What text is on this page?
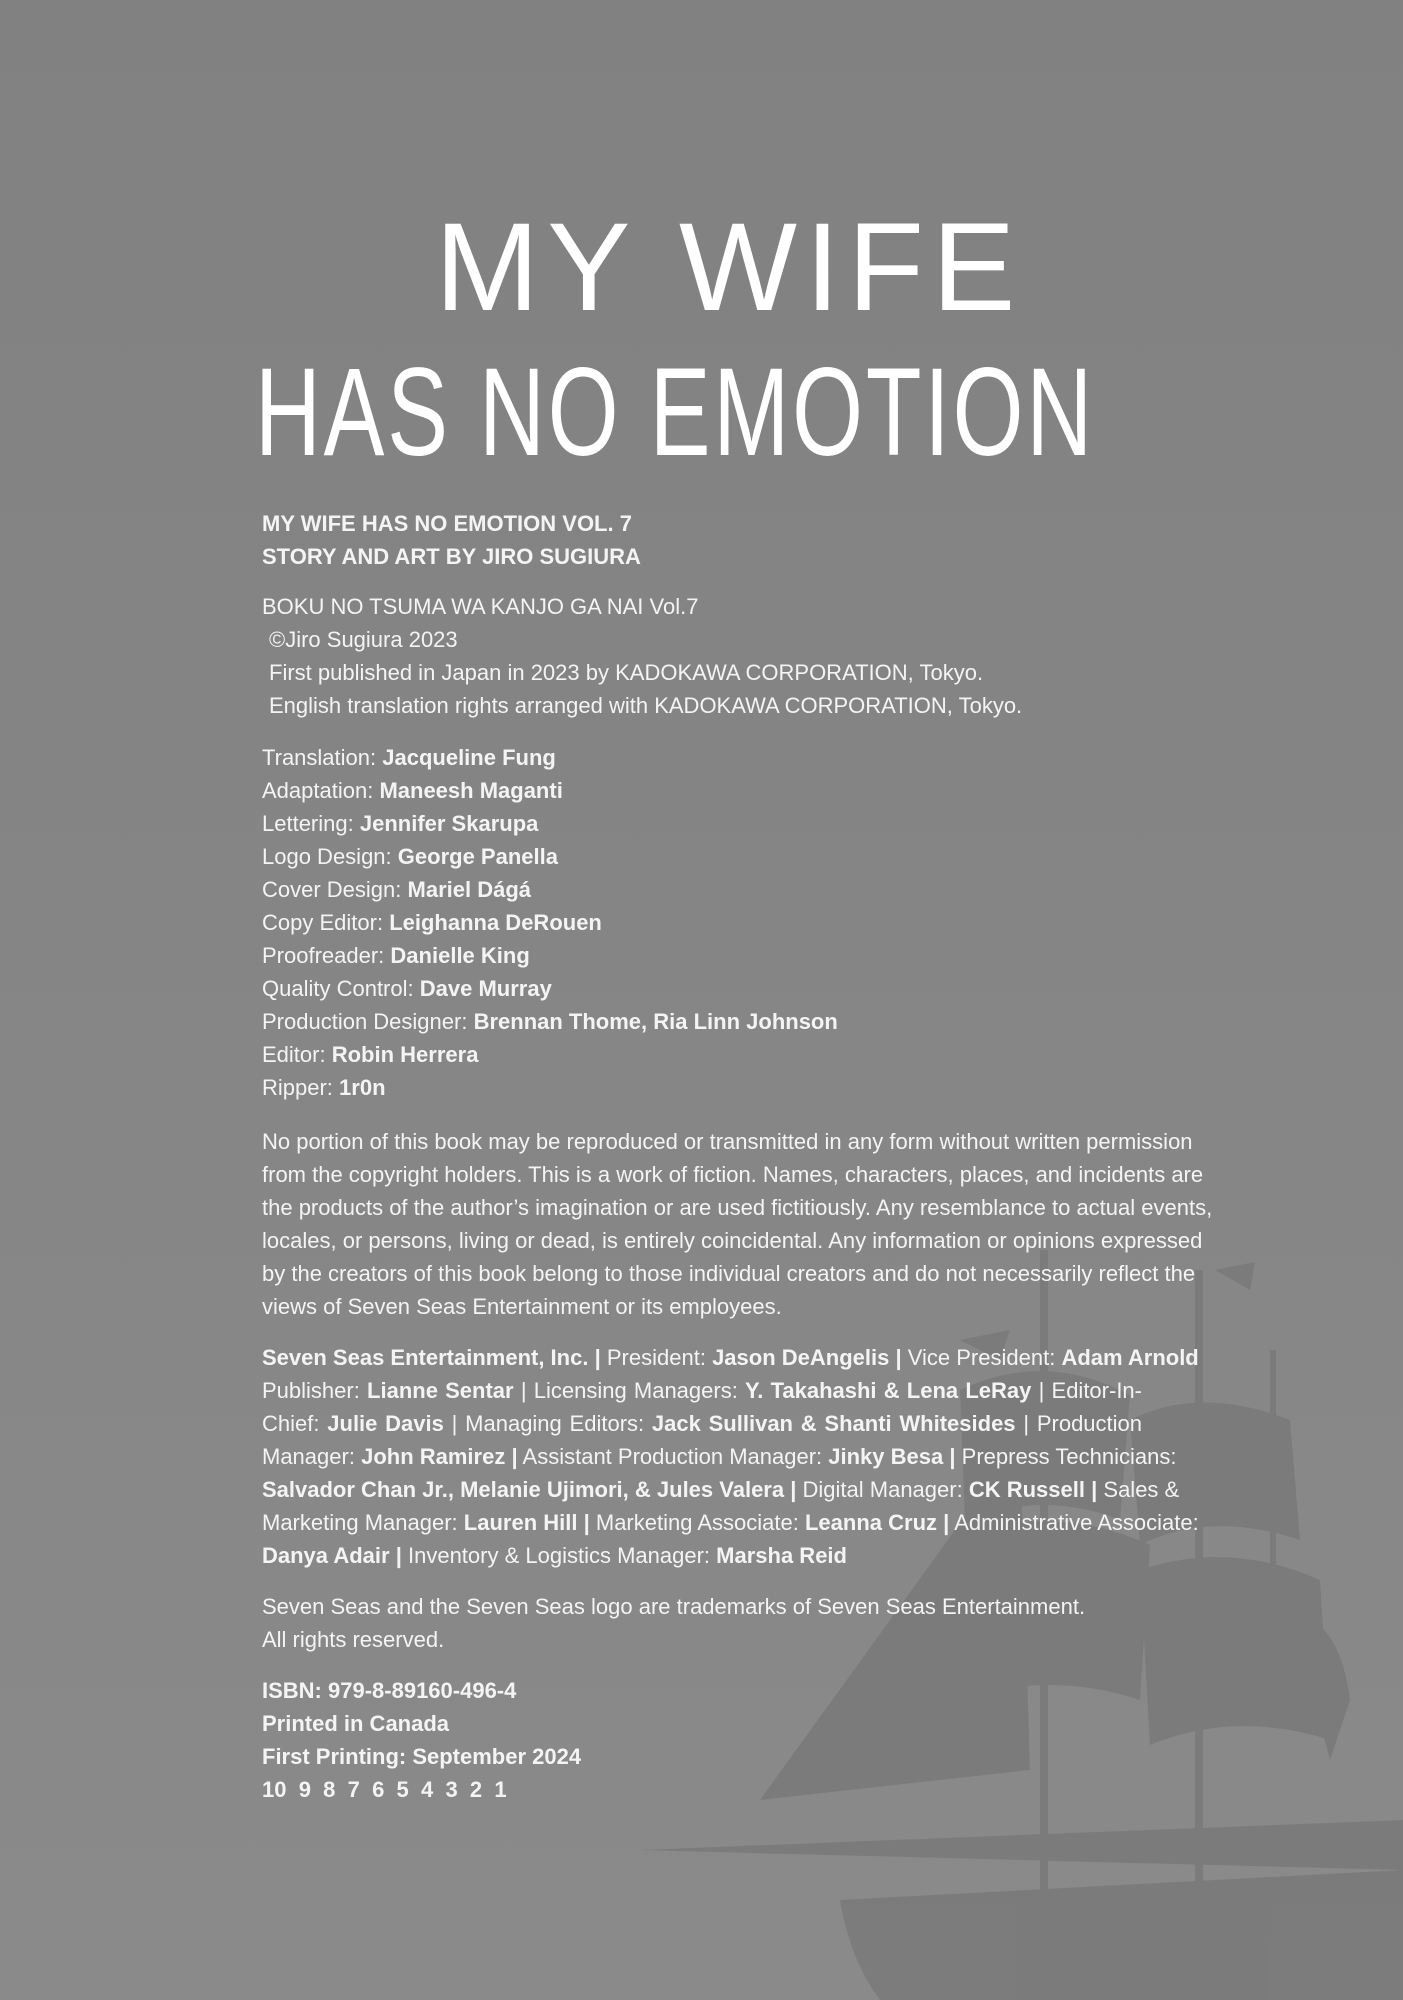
MY WIFE
HAS NO EMOTION
MY WIFE HAS NO EMOTION VOL. 7
STORY AND ART BY JIRO SUGIURA
BOKU NO TSUMA WA KANJO GA NAI Vol.7
©Jiro Sugiura 2023
First published in Japan in 2023 by KADOKAWA CORPORATION, Tokyo.
English translation rights arranged with KADOKAWA CORPORATION, Tokyo.
Translation: Jacqueline Fung
Adaptation: Maneesh Maganti
Lettering: Jennifer Skarupa
Logo Design: George Panella
Cover Design: Mariel Dágá
Copy Editor: Leighanna DeRouen
Proofreader: Danielle King
Quality Control: Dave Murray
Production Designer: Brennan Thome, Ria Linn Johnson
Editor: Robin Herrera
Ripper: 1r0n
No portion of this book may be reproduced or transmitted in any form without written permission
from the copyright holders. This is a work of fiction. Names, characters, places, and incidents are
the products of the author’s imagination or are used fictitiously. Any resemblance to actual events,
locales, or persons, living or dead, is entirely coincidental. Any information or opinions expressed
by the creators of this book belong to those individual creators and do not necessarily reflect the
views of Seven Seas Entertainment or its employees.
Seven Seas Entertainment, Inc. | President: Jason DeAngelis | Vice President: Adam Arnold
Publisher: Lianne Sentar | Licensing Managers: Y. Takahashi & Lena LeRay | Editor-In-
Chief: Julie Davis | Managing Editors: Jack Sullivan & Shanti Whitesides | Production
Manager: John Ramirez | Assistant Production Manager: Jinky Besa | Prepress Technicians:
Salvador Chan Jr., Melanie Ujimori, & Jules Valera | Digital Manager: CK Russell | Sales &
Marketing Manager: Lauren Hill | Marketing Associate: Leanna Cruz | Administrative Associate:
Danya Adair | Inventory & Logistics Manager: Marsha Reid
Seven Seas and the Seven Seas logo are trademarks of Seven Seas Entertainment.
All rights reserved.
ISBN: 979-8-89160-496-4
Printed in Canada
First Printing: September 2024
10  9  8  7  6  5  4  3  2  1
